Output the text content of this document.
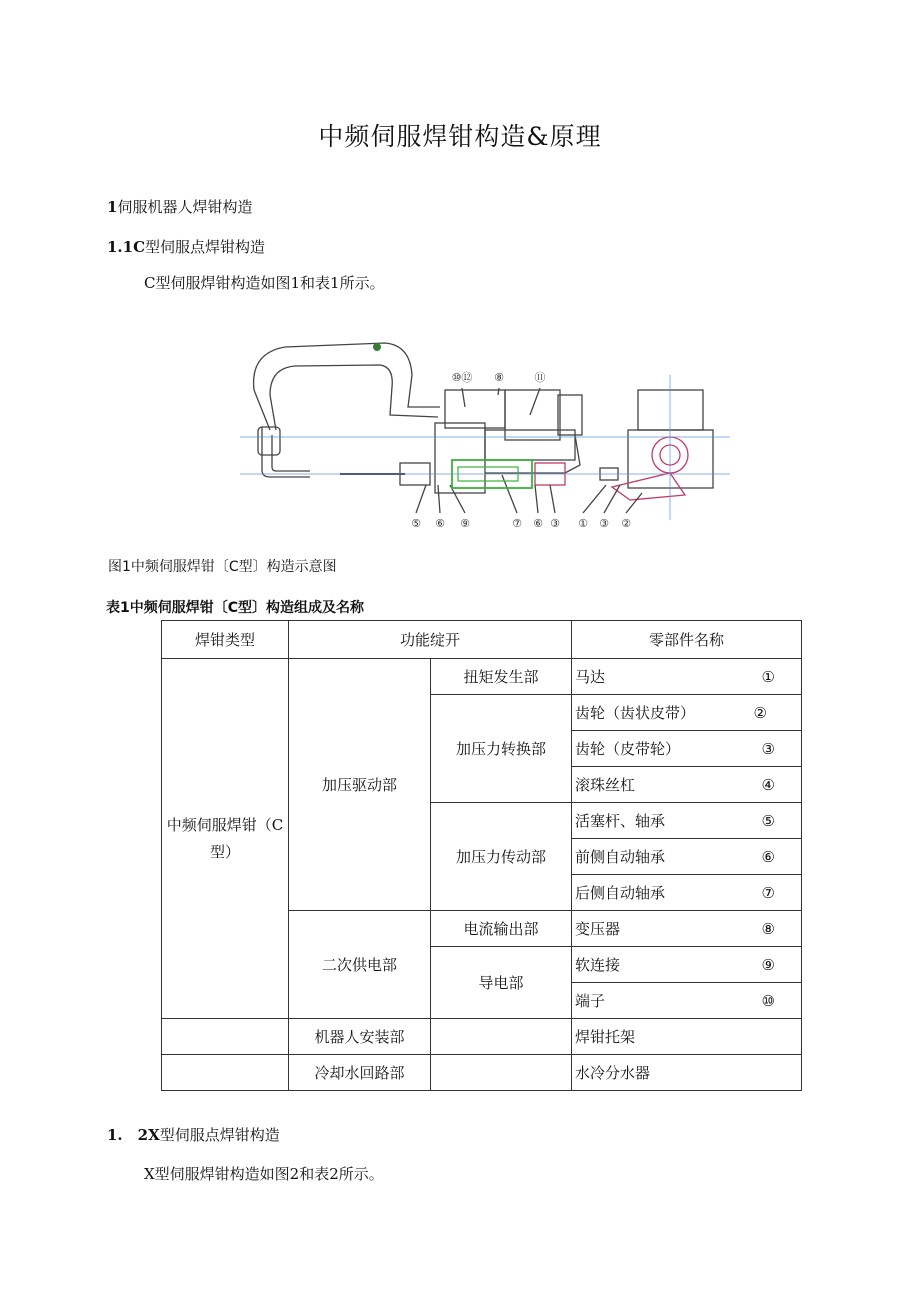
中频伺服焊钳构造&原理
1伺服机器人焊钳构造
1.1C型伺服点焊钳构造
C型伺服焊钳构造如图1和表1所示。
⑩⑫ ⑧	⑪
⑤ ⑥ ⑨	⑦ ⑥ ③ ① ③ ②
图1中频伺服焊钳〔C型〕构造示意图
表1中频伺服焊钳〔C型〕构造组成及名称
焊钳类型	功能绽开		零部件名称
中频伺服焊钳（C型）	加压驱动部	扭矩发生部	马达 ①

		加压力转换部	齿轮（齿状皮带） ②

			齿轮（皮带轮） ③

			滚珠丝杠 ④

		加压力传动部	活塞杆、轴承 ⑤

			前侧自动轴承 ⑥

			后侧自动轴承 ⑦

	二次供电部	电流输出部	变压器 ⑧

		导电部	软连接 ⑨

			端子 ⑩

	机器人安装部		焊钳托架
	冷却水回路部		水冷分水器
1.　2X型伺服点焊钳构造
X型伺服焊钳构造如图2和表2所示。
